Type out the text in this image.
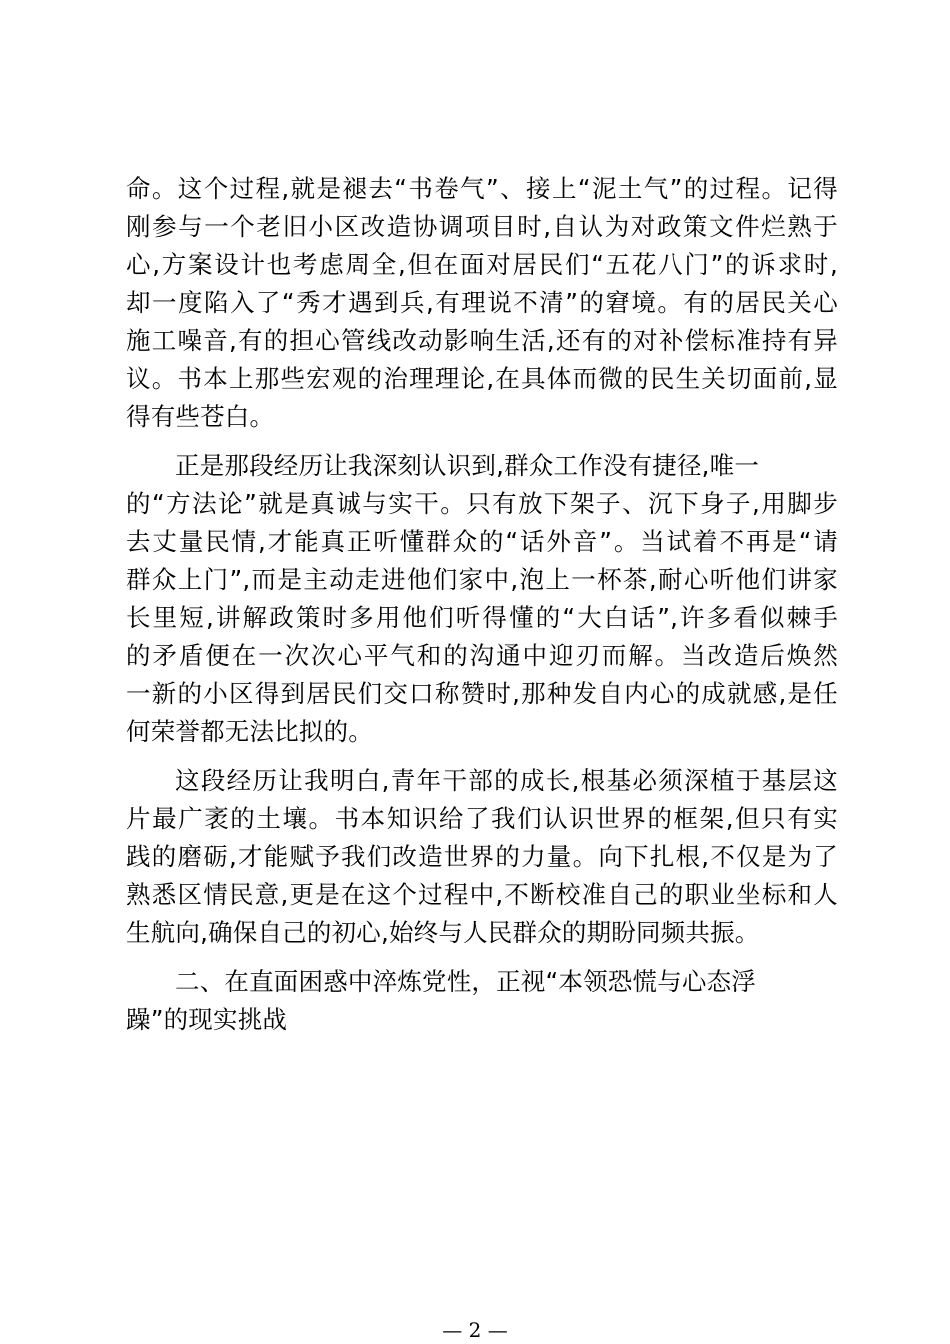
命。这个过程,就是褪去“书卷气”、接上“泥土气”的过程。记得
刚参与一个老旧小区改造协调项目时,自认为对政策文件烂熟于
心,方案设计也考虑周全,但在面对居民们“五花八门”的诉求时,
却一度陷入了“秀才遇到兵,有理说不清”的窘境。有的居民关心
施工噪音,有的担心管线改动影响生活,还有的对补偿标准持有异
议。书本上那些宏观的治理理论,在具体而微的民生关切面前,显
得有些苍白。

正是那段经历让我深刻认识到,群众工作没有捷径,唯一
的“方法论”就是真诚与实干。只有放下架子、沉下身子,用脚步
去丈量民情,才能真正听懂群众的“话外音”。当试着不再是“请
群众上门”,而是主动走进他们家中,泡上一杯茶,耐心听他们讲家
长里短,讲解政策时多用他们听得懂的“大白话”,许多看似棘手
的矛盾便在一次次心平气和的沟通中迎刃而解。当改造后焕然
一新的小区得到居民们交口称赞时,那种发自内心的成就感,是任
何荣誉都无法比拟的。

这段经历让我明白,青年干部的成长,根基必须深植于基层这
片最广袤的土壤。书本知识给了我们认识世界的框架,但只有实
践的磨砺,才能赋予我们改造世界的力量。向下扎根,不仅是为了
熟悉区情民意,更是在这个过程中,不断校准自己的职业坐标和人
生航向,确保自己的初心,始终与人民群众的期盼同频共振。

二、在直面困惑中淬炼党性，正视“本领恐慌与心态浮
躁”的现实挑战

— 2 —
